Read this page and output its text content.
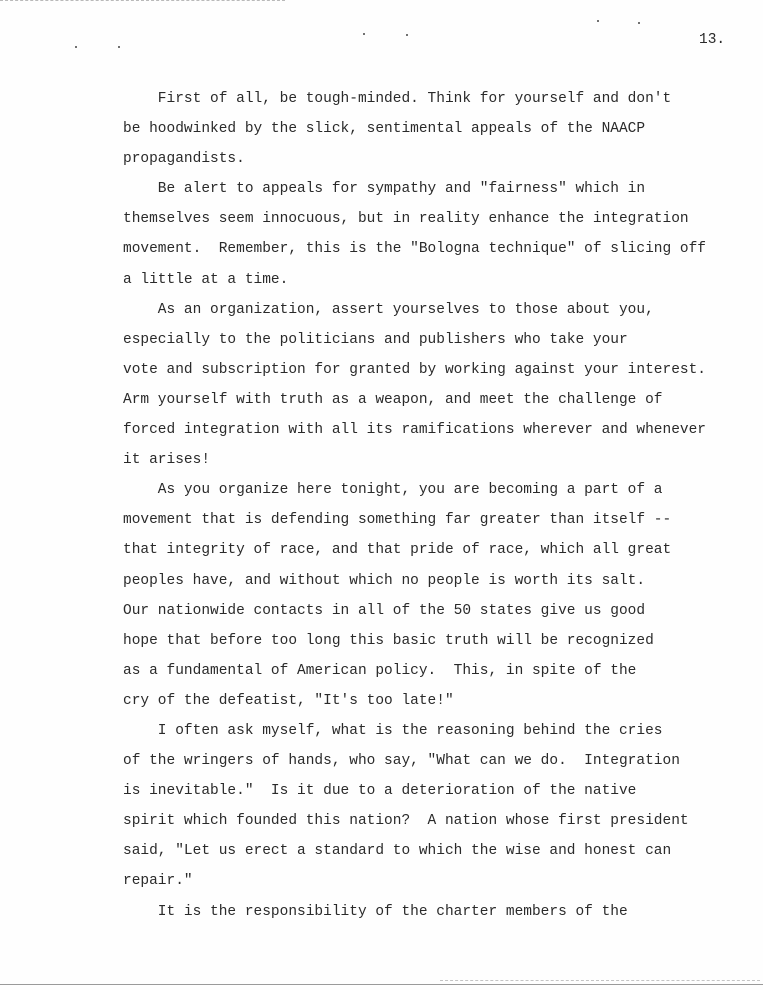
13.

First of all, be tough-minded. Think for yourself and don't
be hoodwinked by the slick, sentimental appeals of the NAACP
propagandists.
Be alert to appeals for sympathy and "fairness" which in
themselves seem innocuous, but in reality enhance the integration
movement.  Remember, this is the "Bologna technique" of slicing off
a little at a time.
As an organization, assert yourselves to those about you,
especially to the politicians and publishers who take your
vote and subscription for granted by working against your interest.
Arm yourself with truth as a weapon, and meet the challenge of
forced integration with all its ramifications wherever and whenever
it arises!
As you organize here tonight, you are becoming a part of a
movement that is defending something far greater than itself --
that integrity of race, and that pride of race, which all great
peoples have, and without which no people is worth its salt.
Our nationwide contacts in all of the 50 states give us good
hope that before too long this basic truth will be recognized
as a fundamental of American policy.  This, in spite of the
cry of the defeatist, "It's too late!"
I often ask myself, what is the reasoning behind the cries
of the wringers of hands, who say, "What can we do.  Integration
is inevitable."  Is it due to a deterioration of the native
spirit which founded this nation?  A nation whose first president
said, "Let us erect a standard to which the wise and honest can
repair."
It is the responsibility of the charter members of the
